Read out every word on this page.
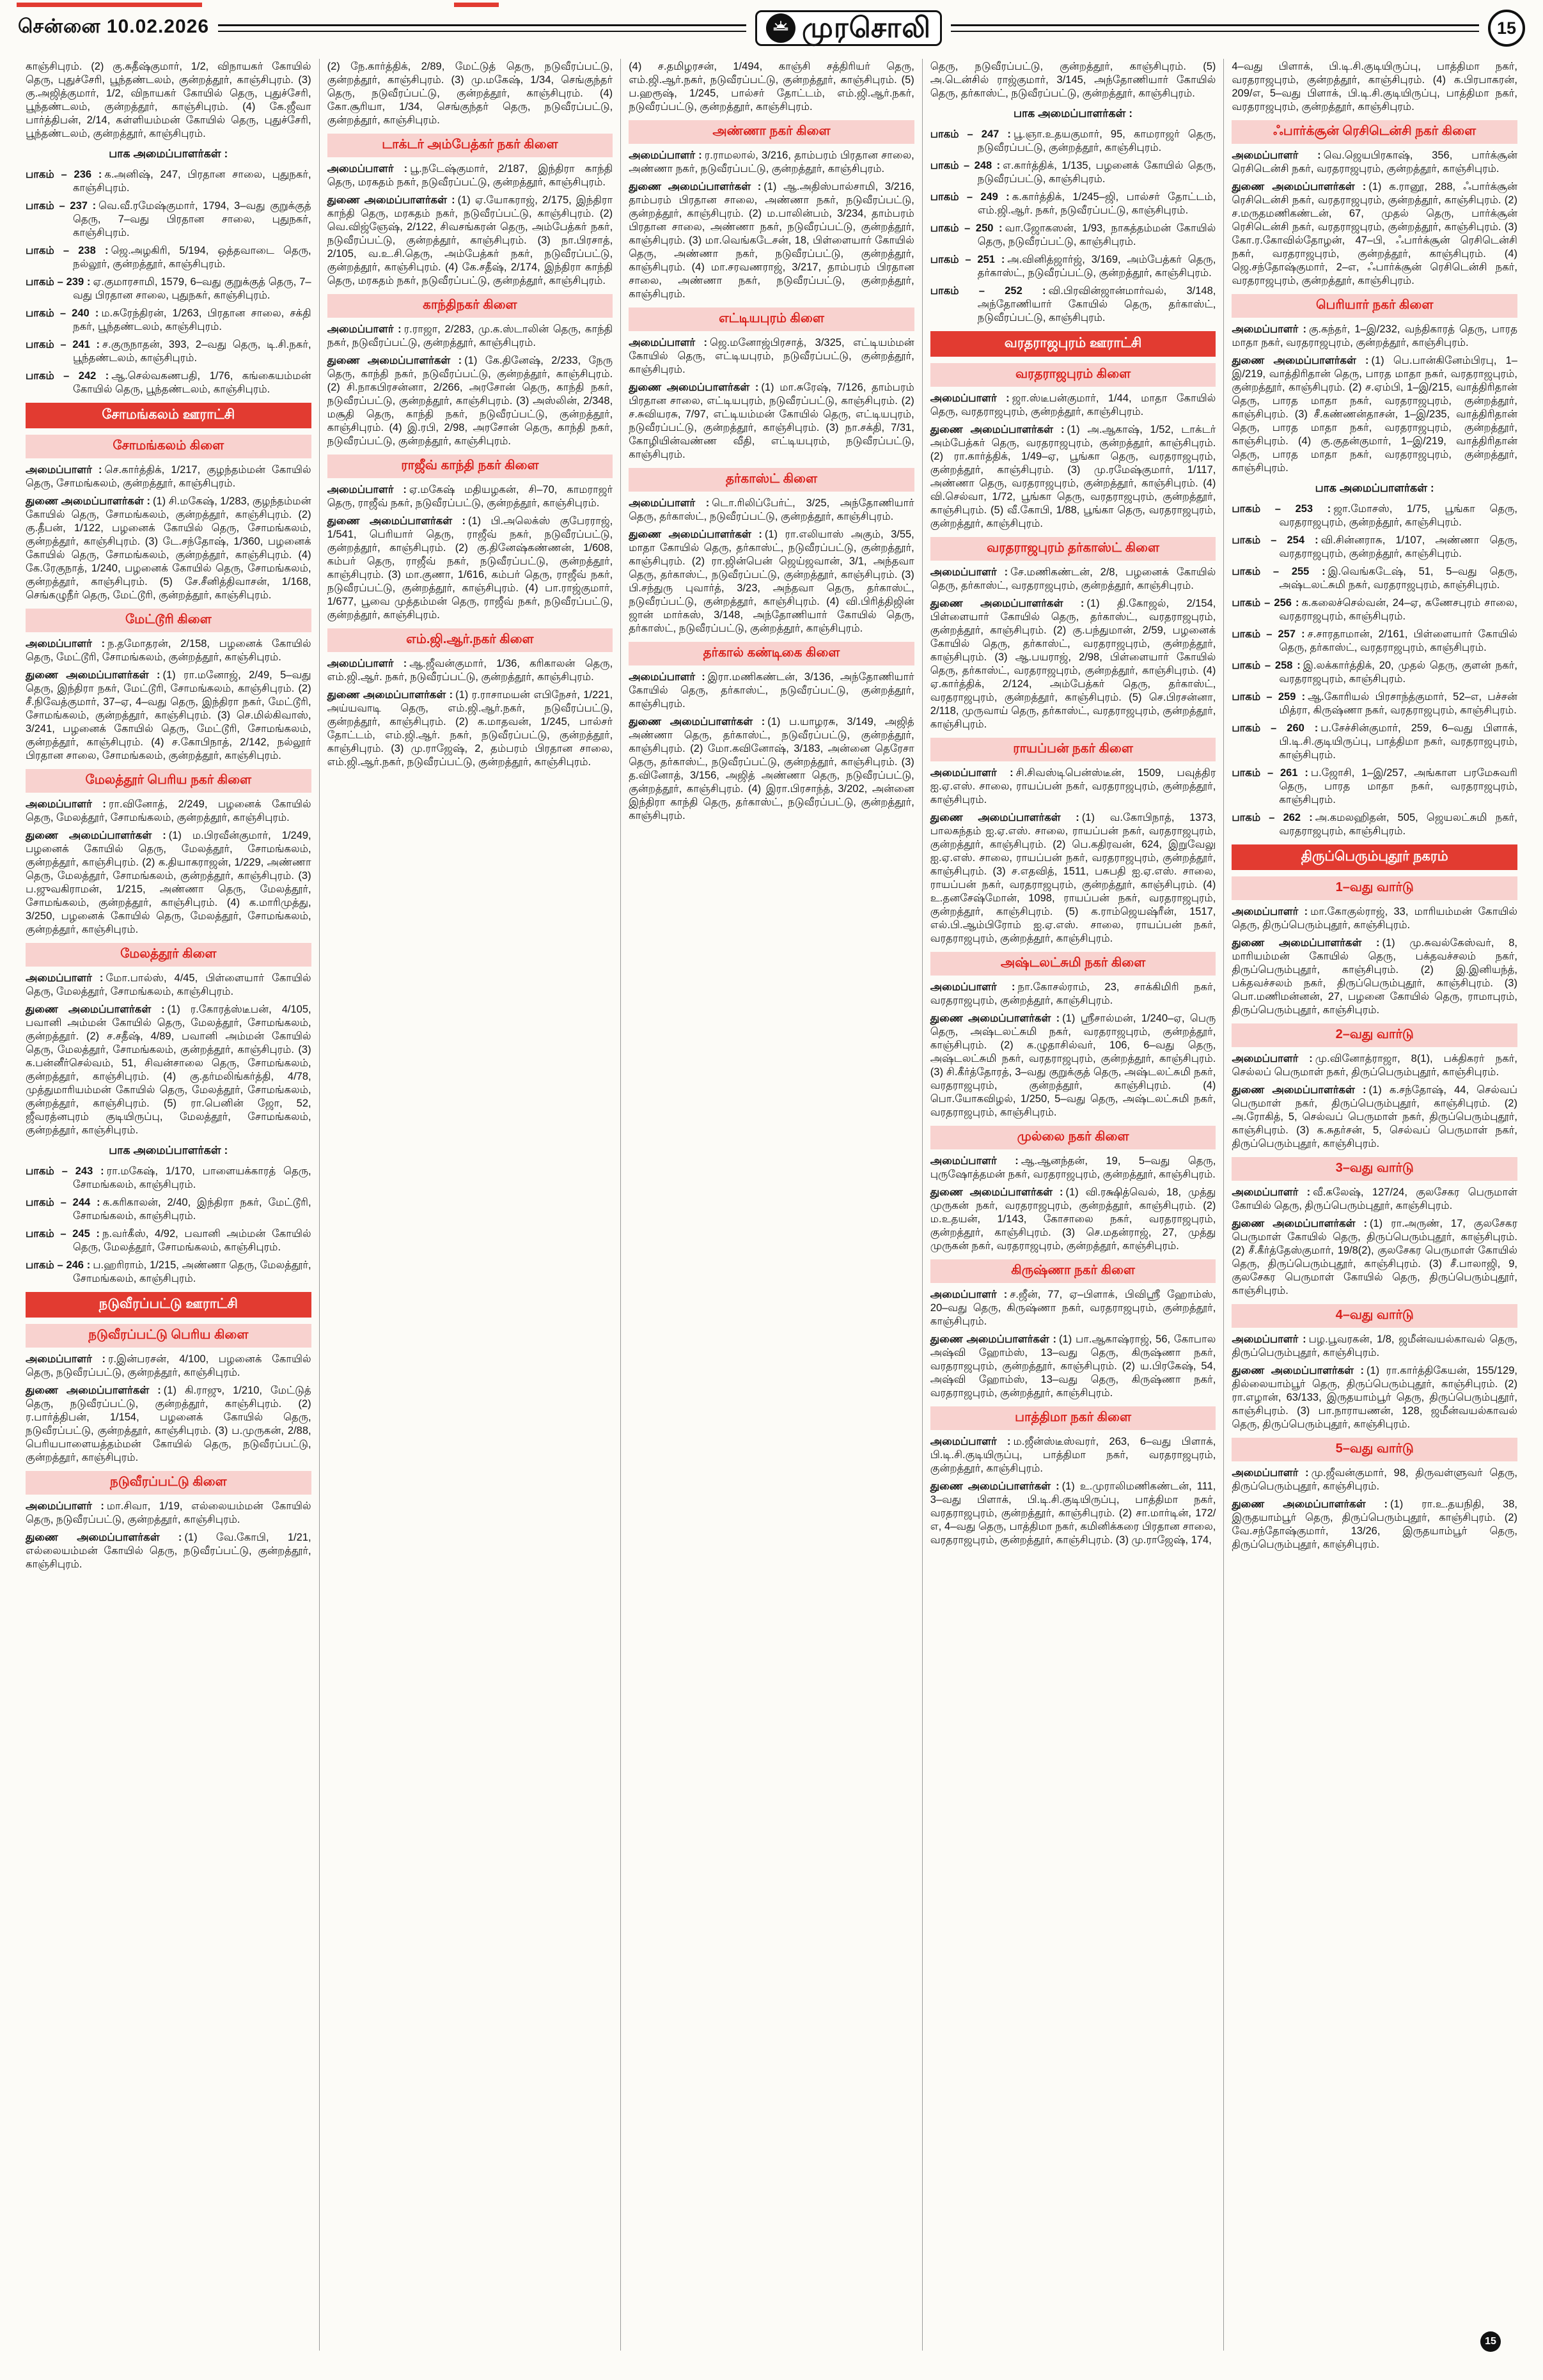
சென்னை 10.02.2026	முரசொலி	15
காஞ்சிபுரம். (2) கு.சுதீஷ்குமார், 1/2, விநாயகர் கோயில் தெரு, புதுச்சேரி, பூந்தண்டலம், குன்றத்தூர், காஞ்சிபுரம். (3) கு.அஜித்குமார், 1/2, விநாயகர் கோயில் தெரு, புதுச்சேரி, பூந்தண்டலம், குன்றத்தூர், காஞ்சிபுரம். (4) கே.ஜீவா பார்த்திபன், 2/14, கள்ளியம்மன் கோயில் தெரு, புதுச்சேரி, பூந்தண்டலம், குன்றத்தூர், காஞ்சிபுரம்.
பாக அமைப்பாளர்கள் :
பாகம் – 236 : க.அனிஷ், 247, பிரதான சாலை, புதுநகர், காஞ்சிபுரம்.
பாகம் – 237 : வெ.வீ.ரமேஷ்குமார், 1794, 3–வது குறுக்குத் தெரு, 7–வது பிரதான சாலை, புதுநகர், காஞ்சிபுரம்.
பாகம் – 238 : ஜெ.அழகிரி, 5/194, ஒத்தவாடை தெரு, நல்லூர், குன்றத்தூர், காஞ்சிபுரம்.
பாகம் – 239 : ஏ.குமாரசாமி, 1579, 6–வது குறுக்குத் தெரு, 7–வது பிரதான சாலை, புதுநகர், காஞ்சிபுரம்.
பாகம் – 240 : ம.சுரேந்திரன், 1/263, பிரதான சாலை, சக்தி நகர், பூந்தண்டலம், காஞ்சிபுரம்.
பாகம் – 241 : ச.குருநாதன், 393, 2–வது தெரு, டி.சி.நகர், பூந்தண்டலம், காஞ்சிபுரம்.
பாகம் – 242 : ஆ.செல்வகணபதி, 1/76, கங்கையம்மன் கோயில் தெரு, பூந்தண்டலம், காஞ்சிபுரம்.
சோமங்கலம் ஊராட்சி
சோமங்கலம் கிளை
அமைப்பாளர் : செ.கார்த்திக், 1/217, குழந்தம்மன் கோயில் தெரு, சோமங்கலம், குன்றத்தூர், காஞ்சிபுரம்.
துணை அமைப்பாளர்கள் : (1) சி.மகேஷ், 1/283, குழந்தம்மன் கோயில் தெரு, சோமங்கலம், குன்றத்தூர், காஞ்சிபுரம். (2) கு.தீபன், 1/122, பழனைக் கோயில் தெரு, சோமங்கலம், குன்றத்தூர், காஞ்சிபுரம். (3) டே.சந்தோஷ், 1/360, பழனைக் கோயில் தெரு, சோமங்கலம், குன்றத்தூர், காஞ்சிபுரம். (4) கே.ரேகுநாத், 1/240, பழனைக் கோயில் தெரு, சோமங்கலம், குன்றத்தூர், காஞ்சிபுரம். (5) சே.சீனித்திவாசன், 1/168, செங்கழுநீர் தெரு, மேட்டூரி, குன்றத்தூர், காஞ்சிபுரம்.
மேட்டூரி கிளை
அமைப்பாளர் : ந.தமோதரன், 2/158, பழனைக் கோயில் தெரு, மேட்டூரி, சோமங்கலம், குன்றத்தூர், காஞ்சிபுரம்.
துணை அமைப்பாளர்கள் : (1) ரா.மனோஜ், 2/49, 5–வது தெரு, இந்திரா நகர், மேட்டூரி, சோமங்கலம், காஞ்சிபுரம். (2) சீ.நிவேத்குமார், 37–ஏ, 4–வது தெரு, இந்திரா நகர், மேட்டூரி, சோமங்கலம், குன்றத்தூர், காஞ்சிபுரம். (3) செ.மில்கிவாஸ், 3/241, பழனைக் கோயில் தெரு, மேட்டூரி, சோமங்கலம், குன்றத்தூர், காஞ்சிபுரம். (4) ச.கோபிநாத், 2/142, நல்லூர் பிரதான சாலை, சோமங்கலம், குன்றத்தூர், காஞ்சிபுரம்.
மேலத்தூர் பெரிய நகர் கிளை
அமைப்பாளர் : ரா.வினோத், 2/249, பழனைக் கோயில் தெரு, மேலத்தூர், சோமங்கலம், குன்றத்தூர், காஞ்சிபுரம்.
துணை அமைப்பாளர்கள் : (1) ம.பிரவீன்குமார், 1/249, பழனைக் கோயில் தெரு, மேலத்தூர், சோமங்கலம், குன்றத்தூர், காஞ்சிபுரம். (2) க.தியாகராஜன், 1/229, அண்ணா தெரு, மேலத்தூர், சோமங்கலம், குன்றத்தூர், காஞ்சிபுரம். (3) ப.ஜுவகிராமன், 1/215, அண்ணா தெரு, மேலத்தூர், சோமங்கலம், குன்றத்தூர், காஞ்சிபுரம். (4) க.மாரிமுத்து, 3/250, பழனைக் கோயில் தெரு, மேலத்தூர், சோமங்கலம், குன்றத்தூர், காஞ்சிபுரம்.
மேலத்தூர் கிளை
அமைப்பாளர் : மோ.பால்ஸ், 4/45, பிள்ளையார் கோயில் தெரு, மேலத்தூர், சோமங்கலம், காஞ்சிபுரம்.
துணை அமைப்பாளர்கள் : (1) ர.கோரத்ஸ்டீபன், 4/105, பவானி அம்மன் கோயில் தெரு, மேலத்தூர், சோமங்கலம், குன்றத்தூர். (2) ச.சதீஷ், 4/89, பவானி அம்மன் கோயில் தெரு, மேலத்தூர், சோமங்கலம், குன்றத்தூர், காஞ்சிபுரம். (3) க.பன்னீர்செல்வம், 51, சிவன்சாலை தெரு, சோமங்கலம், குன்றத்தூர், காஞ்சிபுரம். (4) கு.தர்மலிங்கர்த்தி, 4/78, முத்துமாரியம்மன் கோயில் தெரு, மேலத்தூர், சோமங்கலம், குன்றத்தூர், காஞ்சிபுரம். (5) ரா.பெனின் ஜோ, 52, ஜீவரத்னபுரம் குடியிருப்பு, மேலத்தூர், சோமங்கலம், குன்றத்தூர், காஞ்சிபுரம்.
பாக அமைப்பாளர்கள் :
பாகம் – 243 : ரா.மகேஷ், 1/170, பாளையக்காரத் தெரு, சோமங்கலம், காஞ்சிபுரம்.
பாகம் – 244 : க.கரிகாலன், 2/40, இந்திரா நகர், மேட்டூரி, சோமங்கலம், காஞ்சிபுரம்.
பாகம் – 245 : ந.வர்கீஸ், 4/92, பவானி அம்மன் கோயில் தெரு, மேலத்தூர், சோமங்கலம், காஞ்சிபுரம்.
பாகம் – 246 : ப.ஹரிராம், 1/215, அண்ணா தெரு, மேலத்தூர், சோமங்கலம், காஞ்சிபுரம்.
நடுவீரப்பட்டு ஊராட்சி
நடுவீரப்பட்டு பெரிய கிளை
அமைப்பாளர் : ர.இன்பரசன், 4/100, பழனைக் கோயில் தெரு, நடுவீரப்பட்டு, குன்றத்தூர், காஞ்சிபுரம்.
துணை அமைப்பாளர்கள் : (1) கி.ராஜு, 1/210, மேட்டுத் தெரு, நடுவீரப்பட்டு, குன்றத்தூர், காஞ்சிபுரம். (2) ர.பார்த்திபன், 1/154, பழனைக் கோயில் தெரு, நடுவீரப்பட்டு, குன்றத்தூர், காஞ்சிபுரம். (3) ப.முருகன், 2/88, பெரியபாளையத்தம்மன் கோயில் தெரு, நடுவீரப்பட்டு, குன்றத்தூர், காஞ்சிபுரம்.
நடுவீரப்பட்டு கிளை
அமைப்பாளர் : மா.சிவா, 1/19, எல்லையம்மன் கோயில் தெரு, நடுவீரப்பட்டு, குன்றத்தூர், காஞ்சிபுரம்.
துணை அமைப்பாளர்கள் : (1) வே.கோபி, 1/21, எல்லையம்மன் கோயில் தெரு, நடுவீரப்பட்டு, குன்றத்தூர், காஞ்சிபுரம்.
(2) நே.கார்த்திக், 2/89, மேட்டுத் தெரு, நடுவீரப்பட்டு, குன்றத்தூர், காஞ்சிபுரம். (3) மு.மகேஷ், 1/34, செங்குந்தர் தெரு, நடுவீரப்பட்டு, குன்றத்தூர், காஞ்சிபுரம். (4) கோ.சூரியா, 1/34, செங்குந்தர் தெரு, நடுவீரப்பட்டு, குன்றத்தூர், காஞ்சிபுரம்.
டாக்டர் அம்பேத்கர் நகர் கிளை
அமைப்பாளர் : பூ.நடேஷ்குமார், 2/187, இந்திரா காந்தி தெரு, மரகதம் நகர், நடுவீரப்பட்டு, குன்றத்தூர், காஞ்சிபுரம்.
துணை அமைப்பாளர்கள் : (1) ஏ.யோகராஜ், 2/175, இந்திரா காந்தி தெரு, மரகதம் நகர், நடுவீரப்பட்டு, காஞ்சிபுரம். (2) வெ.விஜ்ஞேஷ், 2/122, சிவசங்கரன் தெரு, அம்பேத்கர் நகர், நடுவீரப்பட்டு, குன்றத்தூர், காஞ்சிபுரம். (3) நா.பிரசாத், 2/105, வ.உ.சி.தெரு, அம்பேத்கர் நகர், நடுவீரப்பட்டு, குன்றத்தூர், காஞ்சிபுரம். (4) கே.சதீஷ், 2/174, இந்திரா காந்தி தெரு, மரகதம் நகர், நடுவீரப்பட்டு, குன்றத்தூர், காஞ்சிபுரம்.
காந்திநகர் கிளை
அமைப்பாளர் : ர.ராஜா, 2/283, மு.க.ஸ்டாலின் தெரு, காந்தி நகர், நடுவீரப்பட்டு, குன்றத்தூர், காஞ்சிபுரம்.
துணை அமைப்பாளர்கள் : (1) கே.தினேஷ், 2/233, நேரு தெரு, காந்தி நகர், நடுவீரப்பட்டு, குன்றத்தூர், காஞ்சிபுரம். (2) சி.நாகபிரசன்னா, 2/266, அரசோன் தெரு, காந்தி நகர், நடுவீரப்பட்டு, குன்றத்தூர், காஞ்சிபுரம். (3) அஸ்லின், 2/348, மசூதி தெரு, காந்தி நகர், நடுவீரப்பட்டு, குன்றத்தூர், காஞ்சிபுரம். (4) இ.ரபி, 2/98, அரசோன் தெரு, காந்தி நகர், நடுவீரப்பட்டு, குன்றத்தூர், காஞ்சிபுரம்.
ராஜீவ் காந்தி நகர் கிளை
அமைப்பாளர் : ஏ.மகேஷ் மதியழகன், சி–70, காமராஜர் தெரு, ராஜீவ் நகர், நடுவீரப்பட்டு, குன்றத்தூர், காஞ்சிபுரம்.
துணை அமைப்பாளர்கள் : (1) பி.அலெக்ஸ் குபேரராஜ், 1/541, பெரியார் தெரு, ராஜீவ் நகர், நடுவீரப்பட்டு, குன்றத்தூர், காஞ்சிபுரம். (2) கு.தினேஷ்கண்ணன், 1/608, கம்பர் தெரு, ராஜீவ் நகர், நடுவீரப்பட்டு, குன்றத்தூர், காஞ்சிபுரம். (3) மா.குணா, 1/616, கம்பர் தெரு, ராஜீவ் நகர், நடுவீரப்பட்டு, குன்றத்தூர், காஞ்சிபுரம். (4) பா.ராஜ்குமார், 1/677, பூவை முத்தம்மன் தெரு, ராஜீவ் நகர், நடுவீரப்பட்டு, குன்றத்தூர், காஞ்சிபுரம்.
எம்.ஜி.ஆர்.நகர் கிளை
அமைப்பாளர் : ஆ.ஜீவன்குமார், 1/36, கரிகாலன் தெரு, எம்.ஜி.ஆர். நகர், நடுவீரப்பட்டு, குன்றத்தூர், காஞ்சிபுரம்.
துணை அமைப்பாளர்கள் : (1) ர.ராசாமயன் எபிநேசர், 1/221, அய்யவாடி தெரு, எம்.ஜி.ஆர்.நகர், நடுவீரப்பட்டு, குன்றத்தூர், காஞ்சிபுரம். (2) க.மாதவன், 1/245, பால்சர் தோட்டம், எம்.ஜி.ஆர். நகர், நடுவீரப்பட்டு, குன்றத்தூர், காஞ்சிபுரம். (3) மு.ராஜேஷ், 2, தம்பரம் பிரதான சாலை, எம்.ஜி.ஆர்.நகர், நடுவீரப்பட்டு, குன்றத்தூர், காஞ்சிபுரம்.
(4) ச.தமிழரசன், 1/494, காஞ்சி சத்திரியர் தெரு, எம்.ஜி.ஆர்.நகர், நடுவீரப்பட்டு, குன்றத்தூர், காஞ்சிபுரம். (5) ப.ஹரூஷ், 1/245, பால்சர் தோட்டம், எம்.ஜி.ஆர்.நகர், நடுவீரப்பட்டு, குன்றத்தூர், காஞ்சிபுரம்.
அண்ணா நகர் கிளை
அமைப்பாளர் : ர.ராமலால், 3/216, தாம்பரம் பிரதான சாலை, அண்ணா நகர், நடுவீரப்பட்டு, குன்றத்தூர், காஞ்சிபுரம்.
துணை அமைப்பாளர்கள் : (1) ஆ.அதிஸ்பால்சாமி, 3/216, தாம்பரம் பிரதான சாலை, அண்ணா நகர், நடுவீரப்பட்டு, குன்றத்தூர், காஞ்சிபுரம். (2) ம.பாலின்பம், 3/234, தாம்பரம் பிரதான சாலை, அண்ணா நகர், நடுவீரப்பட்டு, குன்றத்தூர், காஞ்சிபுரம். (3) மா.வெங்கடேசன், 18, பிள்ளையார் கோயில் தெரு, அண்ணா நகர், நடுவீரப்பட்டு, குன்றத்தூர், காஞ்சிபுரம். (4) மா.சரவணராஜ், 3/217, தாம்பரம் பிரதான சாலை, அண்ணா நகர், நடுவீரப்பட்டு, குன்றத்தூர், காஞ்சிபுரம்.
எட்டியபுரம் கிளை
அமைப்பாளர் : ஜெ.மனோஜ்பிரசாத், 3/325, எட்டியம்மன் கோயில் தெரு, எட்டியபுரம், நடுவீரப்பட்டு, குன்றத்தூர், காஞ்சிபுரம்.
துணை அமைப்பாளர்கள் : (1) மா.சுரேஷ், 7/126, தாம்பரம் பிரதான சாலை, எட்டியபுரம், நடுவீரப்பட்டு, காஞ்சிபுரம். (2) ச.சுவியரசு, 7/97, எட்டியம்மன் கோயில் தெரு, எட்டியபுரம், நடுவீரப்பட்டு, குன்றத்தூர், காஞ்சிபுரம். (3) நா.சக்தி, 7/31, கோழியின்வண்ண வீதி, எட்டியபுரம், நடுவீரப்பட்டு, காஞ்சிபுரம்.
தர்காஸ்ட் கிளை
அமைப்பாளர் : டொ.ரிலிப்பேர்ட், 3/25, அந்தோணியார் தெரு, தர்காஸ்ட், நடுவீரப்பட்டு, குன்றத்தூர், காஞ்சிபுரம்.
துணை அமைப்பாளர்கள் : (1) ரா.எலியாஸ் அகும், 3/55, மாதா கோயில் தெரு, தர்காஸ்ட், நடுவீரப்பட்டு, குன்றத்தூர், காஞ்சிபுரம். (2) ரா.ஜின்பென் ஜெய்ஜவான், 3/1, அந்தவா தெரு, தர்காஸ்ட், நடுவீரப்பட்டு, குன்றத்தூர், காஞ்சிபுரம். (3) பி.சந்துரு புவார்த், 3/23, அந்தவா தெரு, தர்காஸ்ட், நடுவீரப்பட்டு, குன்றத்தூர், காஞ்சிபுரம். (4) வி.பிரித்திஜின் ஜான் மார்கஸ், 3/148, அந்தோணியார் கோயில் தெரு, தர்காஸ்ட், நடுவீரப்பட்டு, குன்றத்தூர், காஞ்சிபுரம்.
தர்கால் கண்டிகை கிளை
அமைப்பாளர் : இரா.மணிகண்டன், 3/136, அந்தோணியார் கோயில் தெரு, தர்காஸ்ட், நடுவீரப்பட்டு, குன்றத்தூர், காஞ்சிபுரம்.
துணை அமைப்பாளர்கள் : (1) ப.யாழரசு, 3/149, அஜித் அண்ணா தெரு, தர்காஸ்ட், நடுவீரப்பட்டு, குன்றத்தூர், காஞ்சிபுரம். (2) மோ.கவினோஷ், 3/183, அன்னை தெரேசா தெரு, தர்காஸ்ட், நடுவீரப்பட்டு, குன்றத்தூர், காஞ்சிபுரம். (3) த.வினோத், 3/156, அஜித் அண்ணா தெரு, நடுவீரப்பட்டு, குன்றத்தூர், காஞ்சிபுரம். (4) இரா.பிரசாந்த், 3/202, அன்னை இந்திரா காந்தி தெரு, தர்காஸ்ட், நடுவீரப்பட்டு, குன்றத்தூர், காஞ்சிபுரம்.
தெரு, நடுவீரப்பட்டு, குன்றத்தூர், காஞ்சிபுரம். (5) அ.டென்சில் ராஜ்குமார், 3/145, அந்தோணியார் கோயில் தெரு, தர்காஸ்ட், நடுவீரப்பட்டு, குன்றத்தூர், காஞ்சிபுரம்.
பாக அமைப்பாளர்கள் :
பாகம் – 247 : பூ.ஞா.உதயகுமார், 95, காமராஜர் தெரு, நடுவீரப்பட்டு, குன்றத்தூர், காஞ்சிபுரம்.
பாகம் – 248 : எ.கார்த்திக், 1/135, பழனைக் கோயில் தெரு, நடுவீரப்பட்டு, காஞ்சிபுரம்.
பாகம் – 249 : க.கார்த்திக், 1/245–ஜி, பால்சர் தோட்டம், எம்.ஜி.ஆர். நகர், நடுவீரப்பட்டு, காஞ்சிபுரம்.
பாகம் – 250 : வா.ஜோகஸன், 1/93, நாகத்தம்மன் கோயில் தெரு, நடுவீரப்பட்டு, காஞ்சிபுரம்.
பாகம் – 251 : அ.வினித்ஜார்ஜ், 3/169, அம்பேத்கர் தெரு, தர்காஸ்ட், நடுவீரப்பட்டு, குன்றத்தூர், காஞ்சிபுரம்.
பாகம் – 252 : வி.பிரவின்ஜான்மார்வல், 3/148, அந்தோணியார் கோயில் தெரு, தர்காஸ்ட், நடுவீரப்பட்டு, காஞ்சிபுரம்.
வரதராஜபுரம் ஊராட்சி
வரதராஜபுரம் கிளை
அமைப்பாளர் : ஜா.ஸ்டீபன்குமார், 1/44, மாதா கோயில் தெரு, வரதராஜபுரம், குன்றத்தூர், காஞ்சிபுரம்.
துணை அமைப்பாளர்கள் : (1) அ.ஆகாஷ், 1/52, டாக்டர் அம்பேத்கர் தெரு, வரதராஜபுரம், குன்றத்தூர், காஞ்சிபுரம். (2) ரா.கார்த்திக், 1/49–ஏ, பூங்கா தெரு, வரதராஜபுரம், குன்றத்தூர், காஞ்சிபுரம். (3) மு.ரமேஷ்குமார், 1/117, அண்ணா தெரு, வரதராஜபுரம், குன்றத்தூர், காஞ்சிபுரம். (4) வி.செல்வா, 1/72, பூங்கா தெரு, வரதராஜபுரம், குன்றத்தூர், காஞ்சிபுரம். (5) வீ.கோபி, 1/88, பூங்கா தெரு, வரதராஜபுரம், குன்றத்தூர், காஞ்சிபுரம்.
வரதராஜபுரம் தர்காஸ்ட் கிளை
அமைப்பாளர் : சே.மணிகண்டன், 2/8, பழனைக் கோயில் தெரு, தர்காஸ்ட், வரதராஜபுரம், குன்றத்தூர், காஞ்சிபுரம்.
துணை அமைப்பாளர்கள் : (1) தி.கோஜல், 2/154, பிள்ளையார் கோயில் தெரு, தர்காஸ்ட், வரதராஜபுரம், குன்றத்தூர், காஞ்சிபுரம். (2) கு.பந்துமான், 2/59, பழனைக் கோயில் தெரு, தர்காஸ்ட், வரதராஜபுரம், குன்றத்தூர், காஞ்சிபுரம். (3) ஆ.பயராஜ், 2/98, பிள்ளையார் கோயில் தெரு, தர்காஸ்ட், வரதராஜபுரம், குன்றத்தூர், காஞ்சிபுரம். (4) ஏ.கார்த்திக், 2/124, அம்பேத்கர் தெரு, தர்காஸ்ட், வரதராஜபுரம், குன்றத்தூர், காஞ்சிபுரம். (5) செ.பிரசன்னா, 2/118, முருவாய் தெரு, தர்காஸ்ட், வரதராஜபுரம், குன்றத்தூர், காஞ்சிபுரம்.
ராயப்பன் நகர் கிளை
அமைப்பாளர் : சி.சிவஸ்டிபென்ஸ்டீன், 1509, பவுத்திர ஐ.ஏ.எஸ். சாலை, ராயப்பன் நகர், வரதராஜபுரம், குன்றத்தூர், காஞ்சிபுரம்.
துணை அமைப்பாளர்கள் : (1) வ.கோபிநாத், 1373, பாலகந்தம் ஐ.ஏ.எஸ். சாலை, ராயப்பன் நகர், வரதராஜபுரம், குன்றத்தூர், காஞ்சிபுரம். (2) பெ.கதிரவன், 624, இறுவேலு ஐ.ஏ.எஸ். சாலை, ராயப்பன் நகர், வரதராஜபுரம், குன்றத்தூர், காஞ்சிபுரம். (3) ச.எதவித், 1511, பசுபதி ஐ.ஏ.எஸ். சாலை, ராயப்பன் நகர், வரதராஜபுரம், குன்றத்தூர், காஞ்சிபுரம். (4) உ.தனசேஷ்மோன், 1098, ராயப்பன் நகர், வரதராஜபுரம், குன்றத்தூர், காஞ்சிபுரம். (5) க.ராம்ஜெயஷ்ரீன், 1517, எல்.பி.ஆம்பிரோம் ஐ.ஏ.எஸ். சாலை, ராயப்பன் நகர், வரதராஜபுரம், குன்றத்தூர், காஞ்சிபுரம்.
அஷ்டலட்சுமி நகர் கிளை
அமைப்பாளர் : நா.கோசல்ராம், 23, சாக்கிமிரி நகர், வரதராஜபுரம், குன்றத்தூர், காஞ்சிபுரம்.
துணை அமைப்பாளர்கள் : (1) ஸ்ரீசால்மன், 1/240–ஏ, பெரு தெரு, அஷ்டலட்சுமி நகர், வரதராஜபுரம், குன்றத்தூர், காஞ்சிபுரம். (2) க.ழுதாசில்வர், 106, 6–வது தெரு, அஷ்டலட்சுமி நகர், வரதராஜபுரம், குன்றத்தூர், காஞ்சிபுரம். (3) சி.கீர்த்தோரத், 3–வது குறுக்குத் தெரு, அஷ்டலட்சுமி நகர், வரதராஜபுரம், குன்றத்தூர், காஞ்சிபுரம். (4) பொ.யோகவிழல், 1/250, 5–வது தெரு, அஷ்டலட்சுமி நகர், வரதராஜபுரம், காஞ்சிபுரம்.
முல்லை நகர் கிளை
அமைப்பாளர் : ஆ.ஆனந்தன், 19, 5–வது தெரு, புருஷோத்தமன் நகர், வரதராஜபுரம், குன்றத்தூர், காஞ்சிபுரம்.
துணை அமைப்பாளர்கள் : (1) வி.ரக்ஷித்வெல், 18, முத்து முருகன் நகர், வரதராஜபுரம், குன்றத்தூர், காஞ்சிபுரம். (2) ம.உதயன், 1/143, கோசாலை நகர், வரதராஜபுரம், குன்றத்தூர், காஞ்சிபுரம். (3) செ.மதன்ராஜ், 27, முத்து முருகன் நகர், வரதராஜபுரம், குன்றத்தூர், காஞ்சிபுரம்.
கிருஷ்ணா நகர் கிளை
அமைப்பாளர் : ச.ஜீன், 77, ஏ–பிளாக், பிவிஸ்ரீ ஹோம்ஸ், 20–வது தெரு, கிருஷ்ணா நகர், வரதராஜபுரம், குன்றத்தூர், காஞ்சிபுரம்.
துணை அமைப்பாளர்கள் : (1) பா.ஆகாஷ்ராஜ், 56, கோபால அஷ்வி ஹோம்ஸ், 13–வது தெரு, கிருஷ்ணா நகர், வரதராஜபுரம், குன்றத்தூர், காஞ்சிபுரம். (2) ய.பிரகேஷ், 54, அஷ்வி ஹோம்ஸ், 13–வது தெரு, கிருஷ்ணா நகர், வரதராஜபுரம், குன்றத்தூர், காஞ்சிபுரம்.
பாத்திமா நகர் கிளை
அமைப்பாளர் : ம.ஜீன்ஸ்டீஸ்வரர், 263, 6–வது பிளாக், பி.டி.சி.குடியிருப்பு, பாத்திமா நகர், வரதராஜபுரம், குன்றத்தூர், காஞ்சிபுரம்.
துணை அமைப்பாளர்கள் : (1) உ.முராலிமணிகண்டன், 111, 3–வது பிளாக், பி.டி.சி.குடியிருப்பு, பாத்திமா நகர், வரதராஜபுரம், குன்றத்தூர், காஞ்சிபுரம். (2) சா.மார்டின், 172/எ, 4–வது தெரு, பாத்திமா நகர், கமினிக்கரை பிரதான சாலை, வரதராஜபுரம், குன்றத்தூர், காஞ்சிபுரம். (3) மு.ராஜேஷ், 174,
4–வது பிளாக், பி.டி.சி.குடியிருப்பு, பாத்திமா நகர், வரதராஜபுரம், குன்றத்தூர், காஞ்சிபுரம். (4) க.பிரபாகரன், 209/எ, 5–வது பிளாக், பி.டி.சி.குடியிருப்பு, பாத்திமா நகர், வரதராஜபுரம், குன்றத்தூர், காஞ்சிபுரம்.
ஃபார்க்சூன் ரெசிடென்சி நகர் கிளை
அமைப்பாளர் : வெ.ஜெயபிரகாஷ், 356, பார்க்சூன் ரெசிடென்சி நகர், வரதராஜபுரம், குன்றத்தூர், காஞ்சிபுரம்.
துணை அமைப்பாளர்கள் : (1) க.ரானூ, 288, ஃபார்க்சூன் ரெசிடென்சி நகர், வரதராஜபுரம், குன்றத்தூர், காஞ்சிபுரம். (2) ச.மருதமணிகண்டன், 67, முதல் தெரு, பார்க்சூன் ரெசிடென்சி நகர், வரதராஜபுரம், குன்றத்தூர், காஞ்சிபுரம். (3) கோ.ர.கோவில்தோழன், 47–பி, ஃபார்க்சூன் ரெசிடென்சி நகர், வரதராஜபுரம், குன்றத்தூர், காஞ்சிபுரம். (4) ஜெ.சந்தோஷ்குமார், 2–எ, ஃபார்க்சூன் ரெசிடென்சி நகர், வரதராஜபுரம், குன்றத்தூர், காஞ்சிபுரம்.
பெரியார் நகர் கிளை
அமைப்பாளர் : கு.கந்தர், 1–இ/232, வந்திகாரத் தெரு, பாரத மாதா நகர், வரதராஜபுரம், குன்றத்தூர், காஞ்சிபுரம்.
துணை அமைப்பாளர்கள் : (1) பெ.பான்கினேம்பிரபு, 1–இ/219, வாத்திரிதான் தெரு, பாரத மாதா நகர், வரதராஜபுரம், குன்றத்தூர், காஞ்சிபுரம். (2) ச.ஏம்பி, 1–இ/215, வாத்திரிதான் தெரு, பாரத மாதா நகர், வரதராஜபுரம், குன்றத்தூர், காஞ்சிபுரம். (3) சீ.கண்ணன்தாசன், 1–இ/235, வாத்திரிதான் தெரு, பாரத மாதா நகர், வரதராஜபுரம், குன்றத்தூர், காஞ்சிபுரம். (4) கு.குதன்குமார், 1–இ/219, வாத்திரிதான் தெரு, பாரத மாதா நகர், வரதராஜபுரம், குன்றத்தூர், காஞ்சிபுரம்.
பாக அமைப்பாளர்கள் :
பாகம் – 253 : ஜா.மோசஸ், 1/75, பூங்கா தெரு, வரதராஜபுரம், குன்றத்தூர், காஞ்சிபுரம்.
பாகம் – 254 : வி.சின்னராசு, 1/107, அண்ணா தெரு, வரதராஜபுரம், குன்றத்தூர், காஞ்சிபுரம்.
பாகம் – 255 : இ.வெங்கடேஷ், 51, 5–வது தெரு, அஷ்டலட்சுமி நகர், வரதராஜபுரம், காஞ்சிபுரம்.
பாகம் – 256 : க.கலைச்செல்வன், 24–ஏ, கணேசபுரம் சாலை, வரதராஜபுரம், காஞ்சிபுரம்.
பாகம் – 257 : ச.சாரதாமான், 2/161, பிள்ளையார் கோயில் தெரு, தர்காஸ்ட், வரதராஜபுரம், காஞ்சிபுரம்.
பாகம் – 258 : இ.லக்கார்த்திக், 20, முதல் தெரு, குளன் நகர், வரதராஜபுரம், காஞ்சிபுரம்.
பாகம் – 259 : ஆ.கோரியல் பிரசாந்த்குமார், 52–எ, பச்சன் மித்ரா, கிருஷ்ணா நகர், வரதராஜபுரம், காஞ்சிபுரம்.
பாகம் – 260 : ப.சேச்சின்குமார், 259, 6–வது பிளாக், பி.டி.சி.குடியிருப்பு, பாத்திமா நகர், வரதராஜபுரம், காஞ்சிபுரம்.
பாகம் – 261 : ப.ஜோசி, 1–இ/257, அங்காள பரமேசுவரி தெரு, பாரத மாதா நகர், வரதராஜபுரம், காஞ்சிபுரம்.
பாகம் – 262 : அ.கமலஹிதன், 505, ஜெயலட்சுமி நகர், வரதராஜபுரம், காஞ்சிபுரம்.
திருப்பெரும்புதூர் நகரம்
1–வது வார்டு
அமைப்பாளர் : மா.கோகுல்ராஜ், 33, மாரியம்மன் கோயில் தெரு, திருப்பெரும்புதூர், காஞ்சிபுரம்.
துணை அமைப்பாளர்கள் : (1) மு.சுவல்கேஸ்வர், 8, மாரியம்மன் கோயில் தெரு, பக்தவச்சலம் நகர், திருப்பெரும்புதூர், காஞ்சிபுரம். (2) இ.இனியந்த், பக்தவச்சலம் நகர், திருப்பெரும்புதூர், காஞ்சிபுரம். (3) பொ.மணிமன்னன், 27, பழனை கோயில் தெரு, ராமாபுரம், திருப்பெரும்புதூர், காஞ்சிபுரம்.
2–வது வார்டு
அமைப்பாளர் : மு.வினோத்ராஜா, 8(1), பக்திகரர் நகர், செல்லப் பெருமாள் நகர், திருப்பெரும்புதூர், காஞ்சிபுரம்.
துணை அமைப்பாளர்கள் : (1) க.சந்தோஷ், 44, செல்வப் பெருமாள் நகர், திருப்பெரும்புதூர், காஞ்சிபுரம். (2) அ.ரோகித், 5, செல்வப் பெருமாள் நகர், திருப்பெரும்புதூர், காஞ்சிபுரம். (3) க.சுதர்சன், 5, செல்வப் பெருமாள் நகர், திருப்பெரும்புதூர், காஞ்சிபுரம்.
3–வது வார்டு
அமைப்பாளர் : வீ.கலேஷ், 127/24, குலசேகர பெருமாள் கோயில் தெரு, திருப்பெரும்புதூர், காஞ்சிபுரம்.
துணை அமைப்பாளர்கள் : (1) ரா.அருண், 17, குலசேகர பெருமாள் கோயில் தெரு, திருப்பெரும்புதூர், காஞ்சிபுரம். (2) சீ.கீர்த்தேஸ்குமார், 19/8(2), குலசேகர பெருமாள் கோயில் தெரு, திருப்பெரும்புதூர், காஞ்சிபுரம். (3) சீ.பாலாஜி, 9, குலசேகர பெருமாள் கோயில் தெரு, திருப்பெரும்புதூர், காஞ்சிபுரம்.
4–வது வார்டு
அமைப்பாளர் : பழ.பூவரகன், 1/8, ஜமீன்வயல்காவல் தெரு, திருப்பெரும்புதூர், காஞ்சிபுரம்.
துணை அமைப்பாளர்கள் : (1) ரா.கார்த்திகேயன், 155/129, தில்லையாம்பூர் தெரு, திருப்பெரும்புதூர், காஞ்சிபுரம். (2) ரா.எழான், 63/133, இருதயாம்பூர் தெரு, திருப்பெரும்புதூர், காஞ்சிபுரம். (3) பா.நாராயணன், 128, ஜமீன்வயல்காவல் தெரு, திருப்பெரும்புதூர், காஞ்சிபுரம்.
5–வது வார்டு
அமைப்பாளர் : மு.ஜீவன்குமார், 98, திருவள்ளுவர் தெரு, திருப்பெரும்புதூர், காஞ்சிபுரம்.
துணை அமைப்பாளர்கள் : (1) ரா.உ.தயநிதி, 38, இருதயாம்பூர் தெரு, திருப்பெரும்புதூர், காஞ்சிபுரம். (2) வே.சந்தோஷ்குமார், 13/26, இருதயாம்பூர் தெரு, திருப்பெரும்புதூர், காஞ்சிபுரம்.
15
